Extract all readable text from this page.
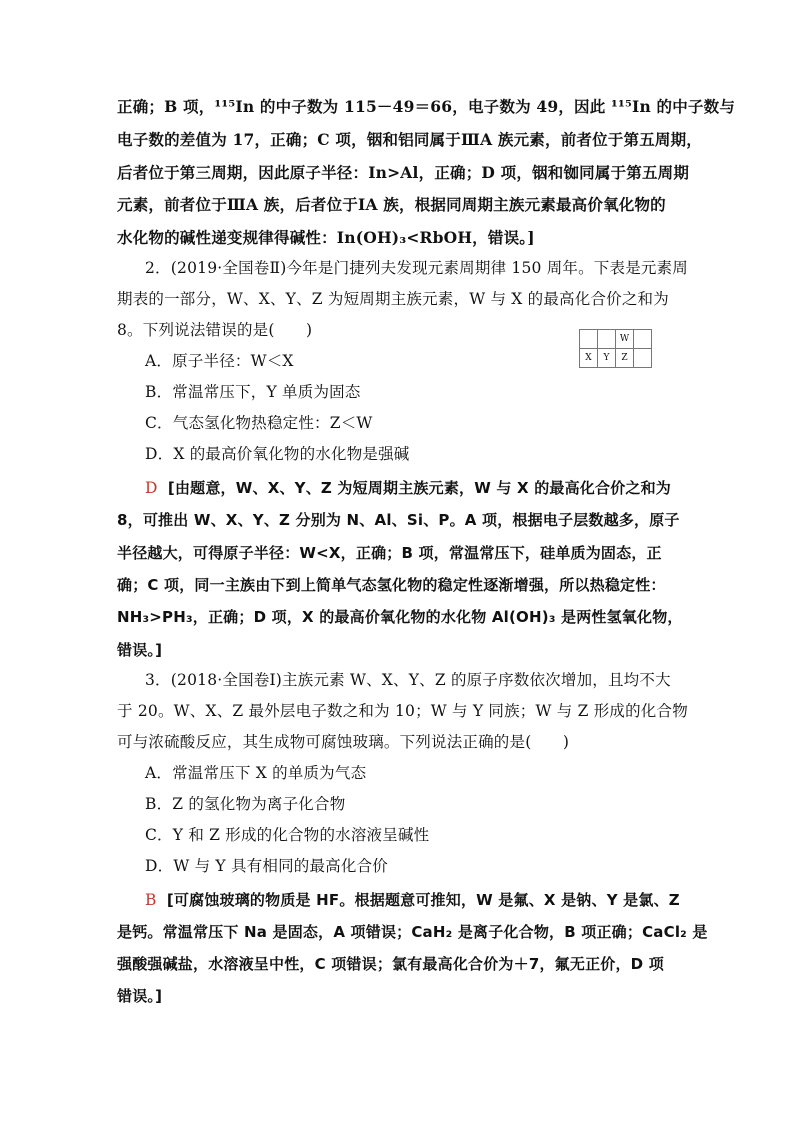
正确；B 项，¹¹⁵In 的中子数为 115－49＝66，电子数为 49，因此 ¹¹⁵In 的中子数与
电子数的差值为 17，正确；C 项，铟和铝同属于ⅢA 族元素，前者位于第五周期，
后者位于第三周期，因此原子半径：In>Al，正确；D 项，铟和铷同属于第五周期
元素，前者位于ⅢA 族，后者位于ⅠA 族，根据同周期主族元素最高价氧化物的
水化物的碱性递变规律得碱性：In(OH)₃<RbOH，错误。]
2．(2019·全国卷Ⅱ)今年是门捷列夫发现元素周期律 150 周年。下表是元素周
期表的一部分，W、X、Y、Z 为短周期主族元素，W 与 X 的最高化合价之和为
8。下列说法错误的是(　　)
			W	
X	Y	Z	
A．原子半径：W＜X
B．常温常压下，Y 单质为固态
C．气态氢化物热稳定性：Z＜W
D．X 的最高价氧化物的水化物是强碱
D [由题意，W、X、Y、Z 为短周期主族元素，W 与 X 的最高化合价之和为
8，可推出 W、X、Y、Z 分别为 N、Al、Si、P。A 项，根据电子层数越多，原子
半径越大，可得原子半径：W<X，正确；B 项，常温常压下，硅单质为固态，正
确；C 项，同一主族由下到上简单气态氢化物的稳定性逐渐增强，所以热稳定性：
NH₃>PH₃，正确；D 项，X 的最高价氧化物的水化物 Al(OH)₃ 是两性氢氧化物，
错误。]
3．(2018·全国卷Ⅰ)主族元素 W、X、Y、Z 的原子序数依次增加，且均不大
于 20。W、X、Z 最外层电子数之和为 10；W 与 Y 同族；W 与 Z 形成的化合物
可与浓硫酸反应，其生成物可腐蚀玻璃。下列说法正确的是(　　)
A．常温常压下 X 的单质为气态
B．Z 的氢化物为离子化合物
C．Y 和 Z 形成的化合物的水溶液呈碱性
D．W 与 Y 具有相同的最高化合价
B [可腐蚀玻璃的物质是 HF。根据题意可推知，W 是氟、X 是钠、Y 是氯、Z
是钙。常温常压下 Na 是固态，A 项错误；CaH₂ 是离子化合物，B 项正确；CaCl₂ 是
强酸强碱盐，水溶液呈中性，C 项错误；氯有最高化合价为＋7，氟无正价，D 项
错误。]
